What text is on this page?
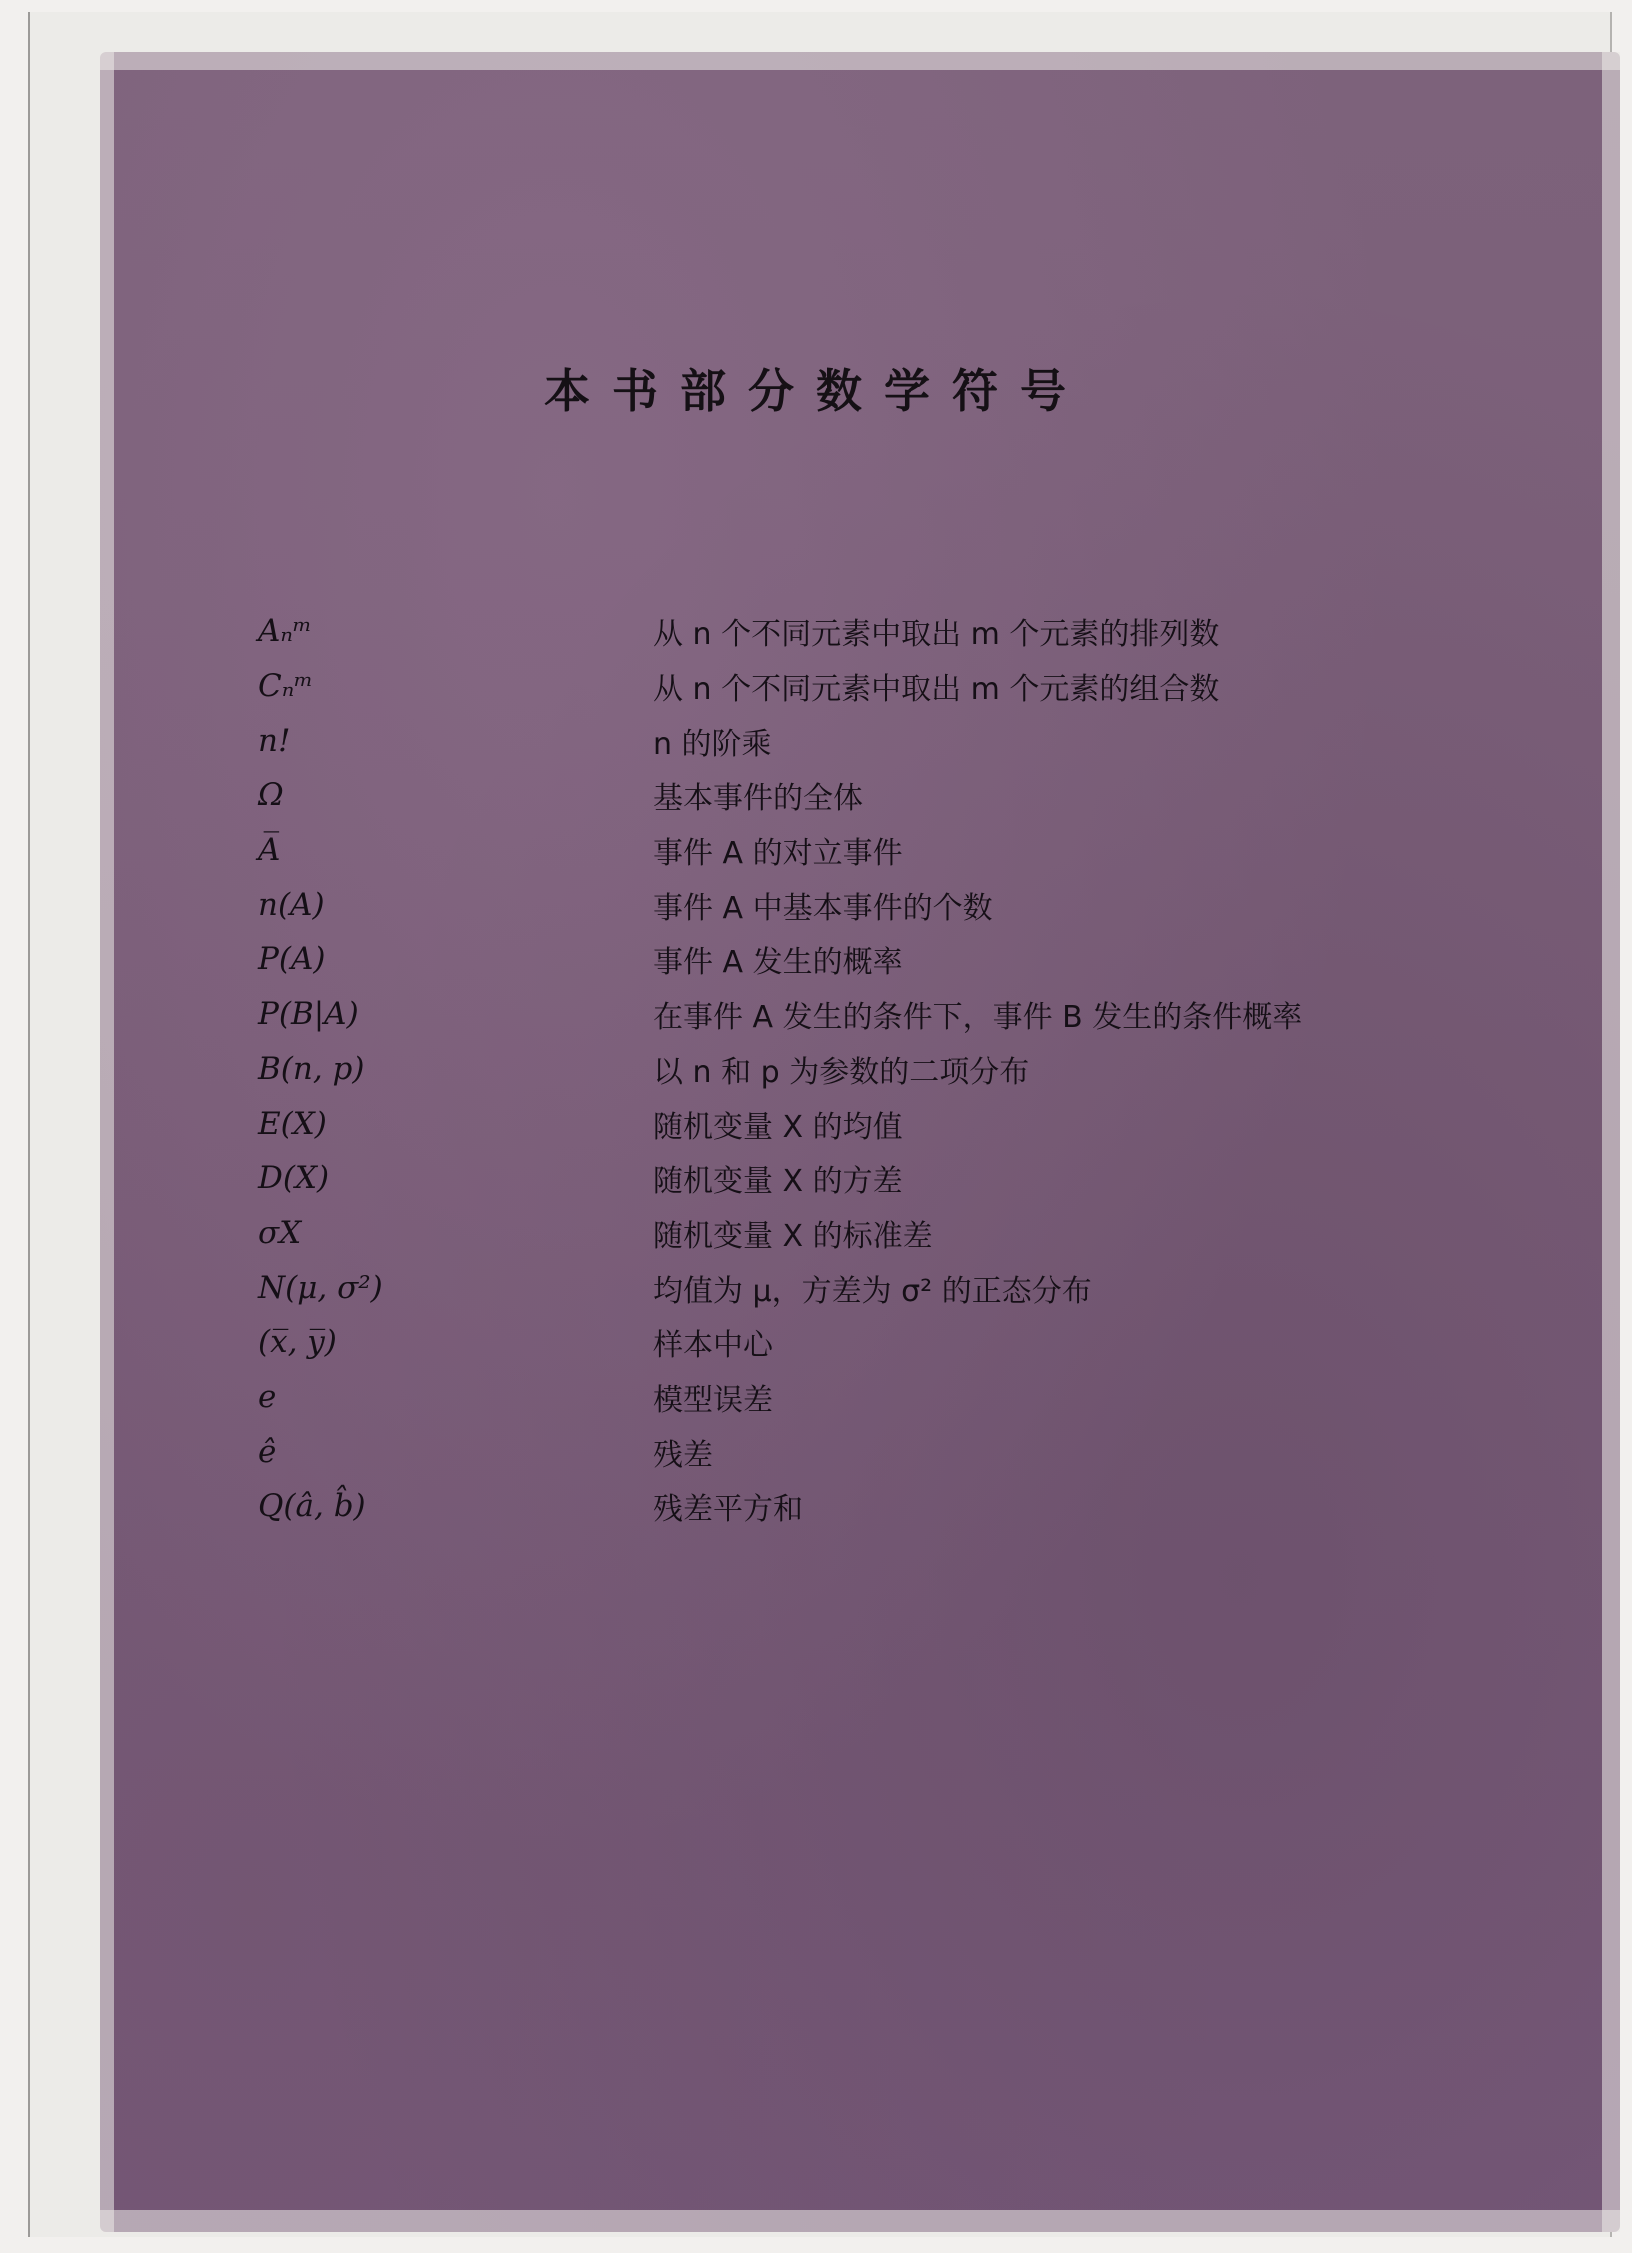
本书部分数学符号
Aₙᵐ	从 n 个不同元素中取出 m 个元素的排列数
Cₙᵐ	从 n 个不同元素中取出 m 个元素的组合数
n!	n 的阶乘
Ω	基本事件的全体
A̅	事件 A 的对立事件
n(A)	事件 A 中基本事件的个数
P(A)	事件 A 发生的概率
P(B|A)	在事件 A 发生的条件下，事件 B 发生的条件概率
B(n, p)	以 n 和 p 为参数的二项分布
E(X)	随机变量 X 的均值
D(X)	随机变量 X 的方差
σX	随机变量 X 的标准差
N(μ, σ²)	均值为 μ，方差为 σ² 的正态分布
(x̅, y̅)	样本中心
e	模型误差
ê	残差
Q(â, b̂)	残差平方和
